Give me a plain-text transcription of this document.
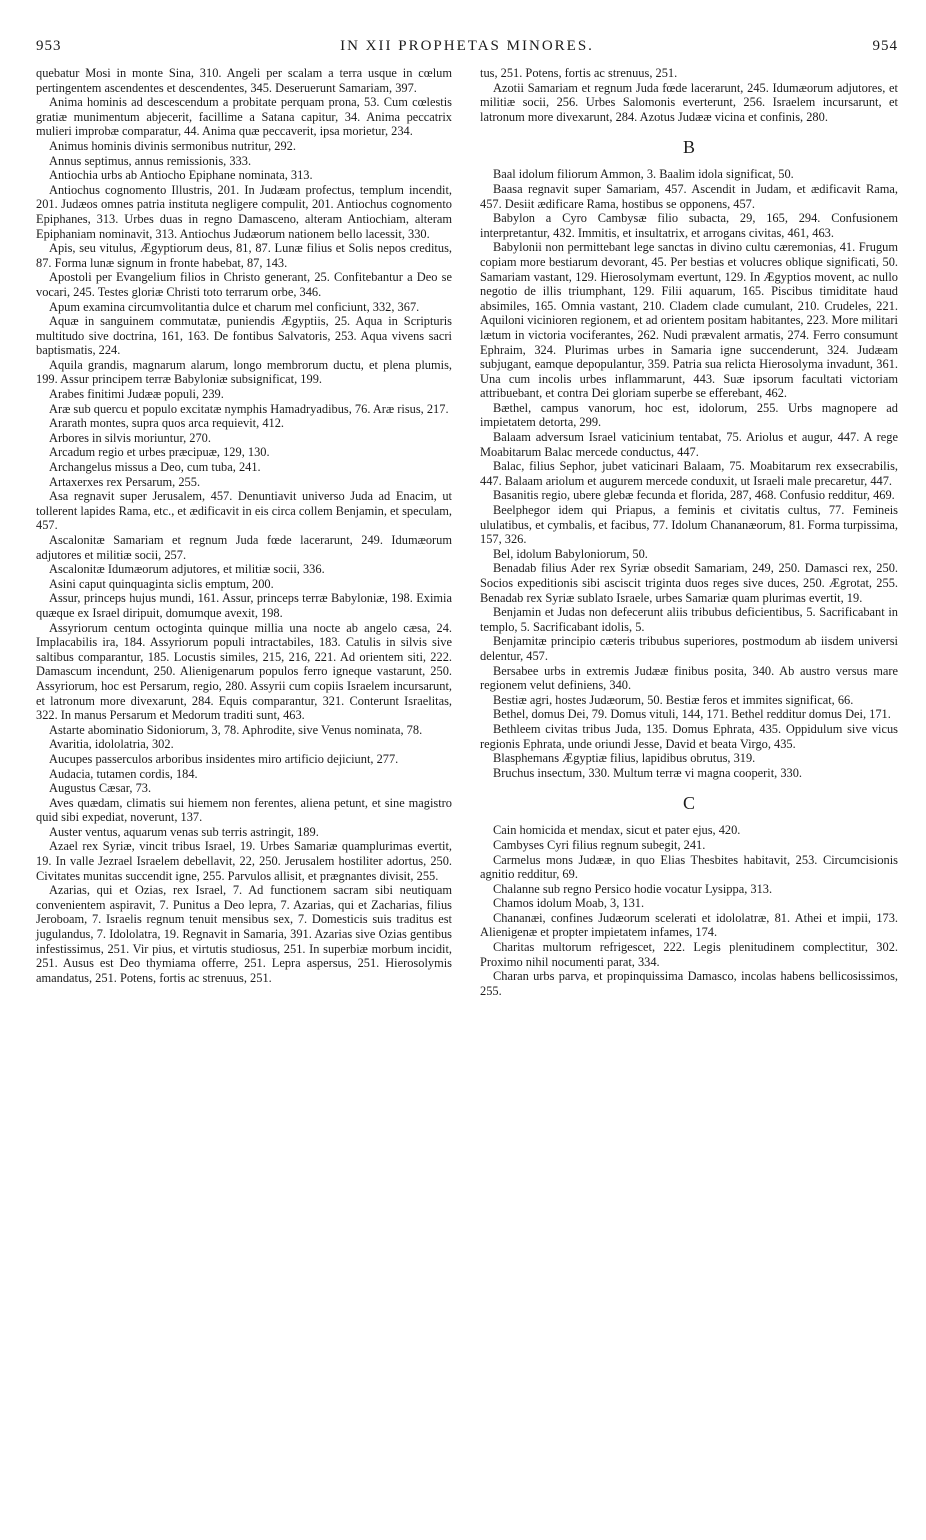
953	IN XII PROPHETAS MINORES.	954

quebatur Mosi in monte Sina, 310. Angeli per scalam a terra usque in cœlum pertingentem ascendentes et descendentes, 345. Deseruerunt Samariam, 397.

Anima hominis ad descescendum a probitate perquam prona, 53. Cum cœlestis gratiæ munimentum abjecerit, facillime a Satana capitur, 34. Anima peccatrix mulieri improbæ comparatur, 44. Anima quæ peccaverit, ipsa morietur, 234.

Animus hominis divinis sermonibus nutritur, 292.

Annus septimus, annus remissionis, 333.

Antiochia urbs ab Antiocho Epiphane nominata, 313.

Antiochus cognomento Illustris, 201. In Judæam profectus, templum incendit, 201. Judæos omnes patria instituta negligere compulit, 201. Antiochus cognomento Epiphanes, 313. Urbes duas in regno Damasceno, alteram Antiochiam, alteram Epiphaniam nominavit, 313. Antiochus Judæorum nationem bello lacessit, 330.

Apis, seu vitulus, Ægyptiorum deus, 81, 87. Lunæ filius et Solis nepos creditus, 87. Forma lunæ signum in fronte habebat, 87, 143.

Apostoli per Evangelium filios in Christo generant, 25. Confitebantur a Deo se vocari, 245. Testes gloriæ Christi toto terrarum orbe, 346.

Apum examina circumvolitantia dulce et charum mel conficiunt, 332, 367.

Aquæ in sanguinem commutatæ, puniendis Ægyptiis, 25. Aqua in Scripturis multitudo sive doctrina, 161, 163. De fontibus Salvatoris, 253. Aqua vivens sacri baptismatis, 224.

Aquila grandis, magnarum alarum, longo membrorum ductu, et plena plumis, 199. Assur principem terræ Babyloniæ subsignificat, 199.

Arabes finitimi Judææ populi, 239.

Aræ sub quercu et populo excitatæ nymphis Hamadryadibus, 76. Aræ risus, 217.

Ararath montes, supra quos arca requievit, 412.

Arbores in silvis moriuntur, 270.

Arcadum regio et urbes præcipuæ, 129, 130.

Archangelus missus a Deo, cum tuba, 241.

Artaxerxes rex Persarum, 255.

Asa regnavit super Jerusalem, 457. Denuntiavit universo Juda ad Enacim, ut tollerent lapides Rama, etc., et ædificavit in eis circa collem Benjamin, et speculam, 457.

Ascalonitæ Samariam et regnum Juda fœde lacerarunt, 249. Idumæorum adjutores et militiæ socii, 257.

Ascalonitæ Idumæorum adjutores, et militiæ socii, 336.

Asini caput quinquaginta siclis emptum, 200.

Assur, princeps hujus mundi, 161. Assur, princeps terræ Babyloniæ, 198. Eximia quæque ex Israel diripuit, domumque avexit, 198.

Assyriorum centum octoginta quinque millia una nocte ab angelo cæsa, 24. Implacabilis ira, 184. Assyriorum populi intractabiles, 183. Catulis in silvis sive saltibus comparantur, 185. Locustis similes, 215, 216, 221. Ad orientem siti, 222. Damascum incendunt, 250. Alienigenarum populos ferro igneque vastarunt, 250. Assyriorum, hoc est Persarum, regio, 280. Assyrii cum copiis Israelem incursarunt, et latronum more divexarunt, 284. Equis comparantur, 321. Conterunt Israelitas, 322. In manus Persarum et Medorum traditi sunt, 463.

Astarte abominatio Sidoniorum, 3, 78. Aphrodite, sive Venus nominata, 78.

Avaritia, idololatria, 302.

Aucupes passerculos arboribus insidentes miro artificio dejiciunt, 277.

Audacia, tutamen cordis, 184.

Augustus Cæsar, 73.

Aves quædam, climatis sui hiemem non ferentes, aliena petunt, et sine magistro quid sibi expediat, noverunt, 137.

Auster ventus, aquarum venas sub terris astringit, 189.

Azael rex Syriæ, vincit tribus Israel, 19. Urbes Samariæ quamplurimas evertit, 19. In valle Jezrael Israelem debellavit, 22, 250. Jerusalem hostiliter adortus, 250. Civitates munitas succendit igne, 255. Parvulos allisit, et prægnantes divisit, 255.

Azarias, qui et Ozias, rex Israel, 7. Ad functionem sacram sibi neutiquam convenientem aspiravit, 7. Punitus a Deo lepra, 7. Azarias, qui et Zacharias, filius Jeroboam, 7. Israelis regnum tenuit mensibus sex, 7. Domesticis suis traditus est jugulandus, 7. Idololatra, 19. Regnavit in Samaria, 391. Azarias sive Ozias gentibus infestissimus, 251. Vir pius, et virtutis studiosus, 251. In superbiæ morbum incidit, 251. Ausus est Deo thymiama offerre, 251. Lepra aspersus, 251. Hierosolymis amandatus, 251. Potens, fortis ac strenuus, 251.

tus, 251. Potens, fortis ac strenuus, 251.

Azotii Samariam et regnum Juda fœde lacerarunt, 245. Idumæorum adjutores, et militiæ socii, 256. Urbes Salomonis everterunt, 256. Israelem incursarunt, et latronum more divexarunt, 284. Azotus Judææ vicina et confinis, 280.

B

Baal idolum filiorum Ammon, 3. Baalim idola significat, 50.

Baasa regnavit super Samariam, 457. Ascendit in Judam, et ædificavit Rama, 457. Desiit ædificare Rama, hostibus se opponens, 457.

Babylon a Cyro Cambysæ filio subacta, 29, 165, 294. Confusionem interpretantur, 432. Immitis, et insultatrix, et arrogans civitas, 461, 463.

Babylonii non permittebant lege sanctas in divino cultu cæremonias, 41. Frugum copiam more bestiarum devorant, 45. Per bestias et volucres oblique significati, 50. Samariam vastant, 129. Hierosolymam evertunt, 129. In Ægyptios movent, ac nullo negotio de illis triumphant, 129. Filii aquarum, 165. Piscibus timiditate haud absimiles, 165. Omnia vastant, 210. Cladem clade cumulant, 210. Crudeles, 221. Aquiloni vicinioren regionem, et ad orientem positam habitantes, 223. More militari lætum in victoria vociferantes, 262. Nudi prævalent armatis, 274. Ferro consumunt Ephraim, 324. Plurimas urbes in Samaria igne succenderunt, 324. Judæam subjugant, eamque depopulantur, 359. Patria sua relicta Hierosolyma invadunt, 361. Una cum incolis urbes inflammarunt, 443. Suæ ipsorum facultati victoriam attribuebant, et contra Dei gloriam superbe se efferebant, 462.

Bæthel, campus vanorum, hoc est, idolorum, 255. Urbs magnopere ad impietatem detorta, 299.

Balaam adversum Israel vaticinium tentabat, 75. Ariolus et augur, 447. A rege Moabitarum Balac mercede conductus, 447.

Balac, filius Sephor, jubet vaticinari Balaam, 75. Moabitarum rex exsecrabilis, 447. Balaam ariolum et augurem mercede conduxit, ut Israeli male precaretur, 447.

Basanitis regio, ubere glebæ fecunda et florida, 287, 468. Confusio redditur, 469.

Beelphegor idem qui Priapus, a feminis et civitatis cultus, 77. Femineis ululatibus, et cymbalis, et facibus, 77. Idolum Chananæorum, 81. Forma turpissima, 157, 326.

Bel, idolum Babyloniorum, 50.

Benadab filius Ader rex Syriæ obsedit Samariam, 249, 250. Damasci rex, 250. Socios expeditionis sibi asciscit triginta duos reges sive duces, 250. Ægrotat, 255. Benadab rex Syriæ sublato Israele, urbes Samariæ quam plurimas evertit, 19.

Benjamin et Judas non defecerunt aliis tribubus deficientibus, 5. Sacrificabant in templo, 5. Sacrificabant idolis, 5.

Benjamitæ principio cæteris tribubus superiores, postmodum ab iisdem universi delentur, 457.

Bersabee urbs in extremis Judææ finibus posita, 340. Ab austro versus mare regionem velut definiens, 340.

Bestiæ agri, hostes Judæorum, 50. Bestiæ feros et immites significat, 66.

Bethel, domus Dei, 79. Domus vituli, 144, 171. Bethel redditur domus Dei, 171.

Bethleem civitas tribus Juda, 135. Domus Ephrata, 435. Oppidulum sive vicus regionis Ephrata, unde oriundi Jesse, David et beata Virgo, 435.

Blasphemans Ægyptiæ filius, lapidibus obrutus, 319.

Bruchus insectum, 330. Multum terræ vi magna cooperit, 330.

C

Cain homicida et mendax, sicut et pater ejus, 420.

Cambyses Cyri filius regnum subegit, 241.

Carmelus mons Judææ, in quo Elias Thesbites habitavit, 253. Circumcisionis agnitio redditur, 69.

Chalanne sub regno Persico hodie vocatur Lysippa, 313.

Chamos idolum Moab, 3, 131.

Chananæi, confines Judæorum scelerati et idololatræ, 81. Athei et impii, 173. Alienigenæ et propter impietatem infames, 174.

Charitas multorum refrigescet, 222. Legis plenitudinem complectitur, 302. Proximo nihil nocumenti parat, 334.

Charan urbs parva, et propinquissima Damasco, incolas habens bellicosissimos, 255.
